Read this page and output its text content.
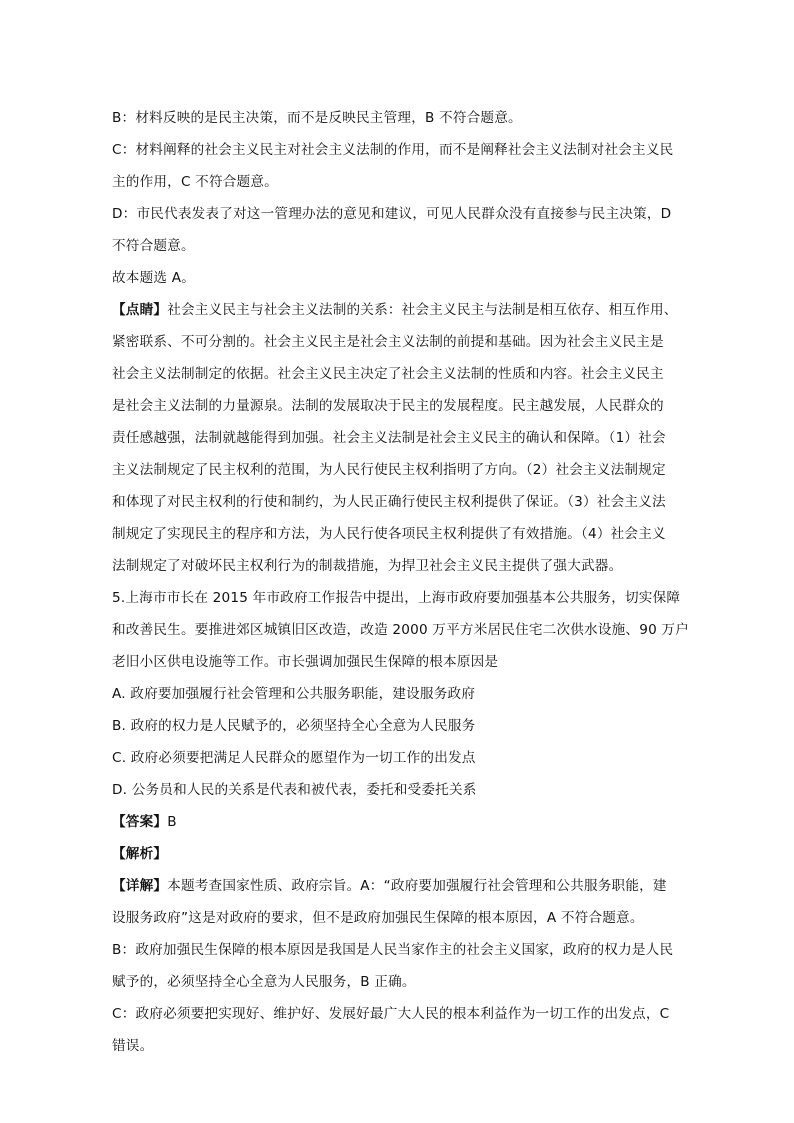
B：材料反映的是民主决策，而不是反映民主管理，B 不符合题意。
C：材料阐释的社会主义民主对社会主义法制的作用，而不是阐释社会主义法制对社会主义民
主的作用，C 不符合题意。
D：市民代表发表了对这一管理办法的意见和建议，可见人民群众没有直接参与民主决策，D
不符合题意。
故本题选 A。
【点睛】社会主义民主与社会主义法制的关系：社会主义民主与法制是相互依存、相互作用、
紧密联系、不可分割的。社会主义民主是社会主义法制的前提和基础。因为社会主义民主是
社会主义法制制定的依据。社会主义民主决定了社会主义法制的性质和内容。社会主义民主
是社会主义法制的力量源泉。法制的发展取决于民主的发展程度。民主越发展，人民群众的
责任感越强，法制就越能得到加强。社会主义法制是社会主义民主的确认和保障。（1）社会
主义法制规定了民主权利的范围，为人民行使民主权利指明了方向。（2）社会主义法制规定
和体现了对民主权利的行使和制约，为人民正确行使民主权利提供了保证。（3）社会主义法
制规定了实现民主的程序和方法，为人民行使各项民主权利提供了有效措施。（4）社会主义
法制规定了对破坏民主权利行为的制裁措施，为捍卫社会主义民主提供了强大武器。
5.上海市市长在 2015 年市政府工作报告中提出，上海市政府要加强基本公共服务，切实保障
和改善民生。要推进郊区城镇旧区改造，改造 2000 万平方米居民住宅二次供水设施、90 万户
老旧小区供电设施等工作。市长强调加强民生保障的根本原因是
A. 政府要加强履行社会管理和公共服务职能，建设服务政府
B. 政府的权力是人民赋予的，必须坚持全心全意为人民服务
C. 政府必须要把满足人民群众的愿望作为一切工作的出发点
D. 公务员和人民的关系是代表和被代表，委托和受委托关系
【答案】B
【解析】
【详解】本题考查国家性质、政府宗旨。A：“政府要加强履行社会管理和公共服务职能，建
设服务政府”这是对政府的要求，但不是政府加强民生保障的根本原因，A 不符合题意。
B：政府加强民生保障的根本原因是我国是人民当家作主的社会主义国家，政府的权力是人民
赋予的，必须坚持全心全意为人民服务，B 正确。
C：政府必须要把实现好、维护好、发展好最广大人民的根本利益作为一切工作的出发点，C
错误。
